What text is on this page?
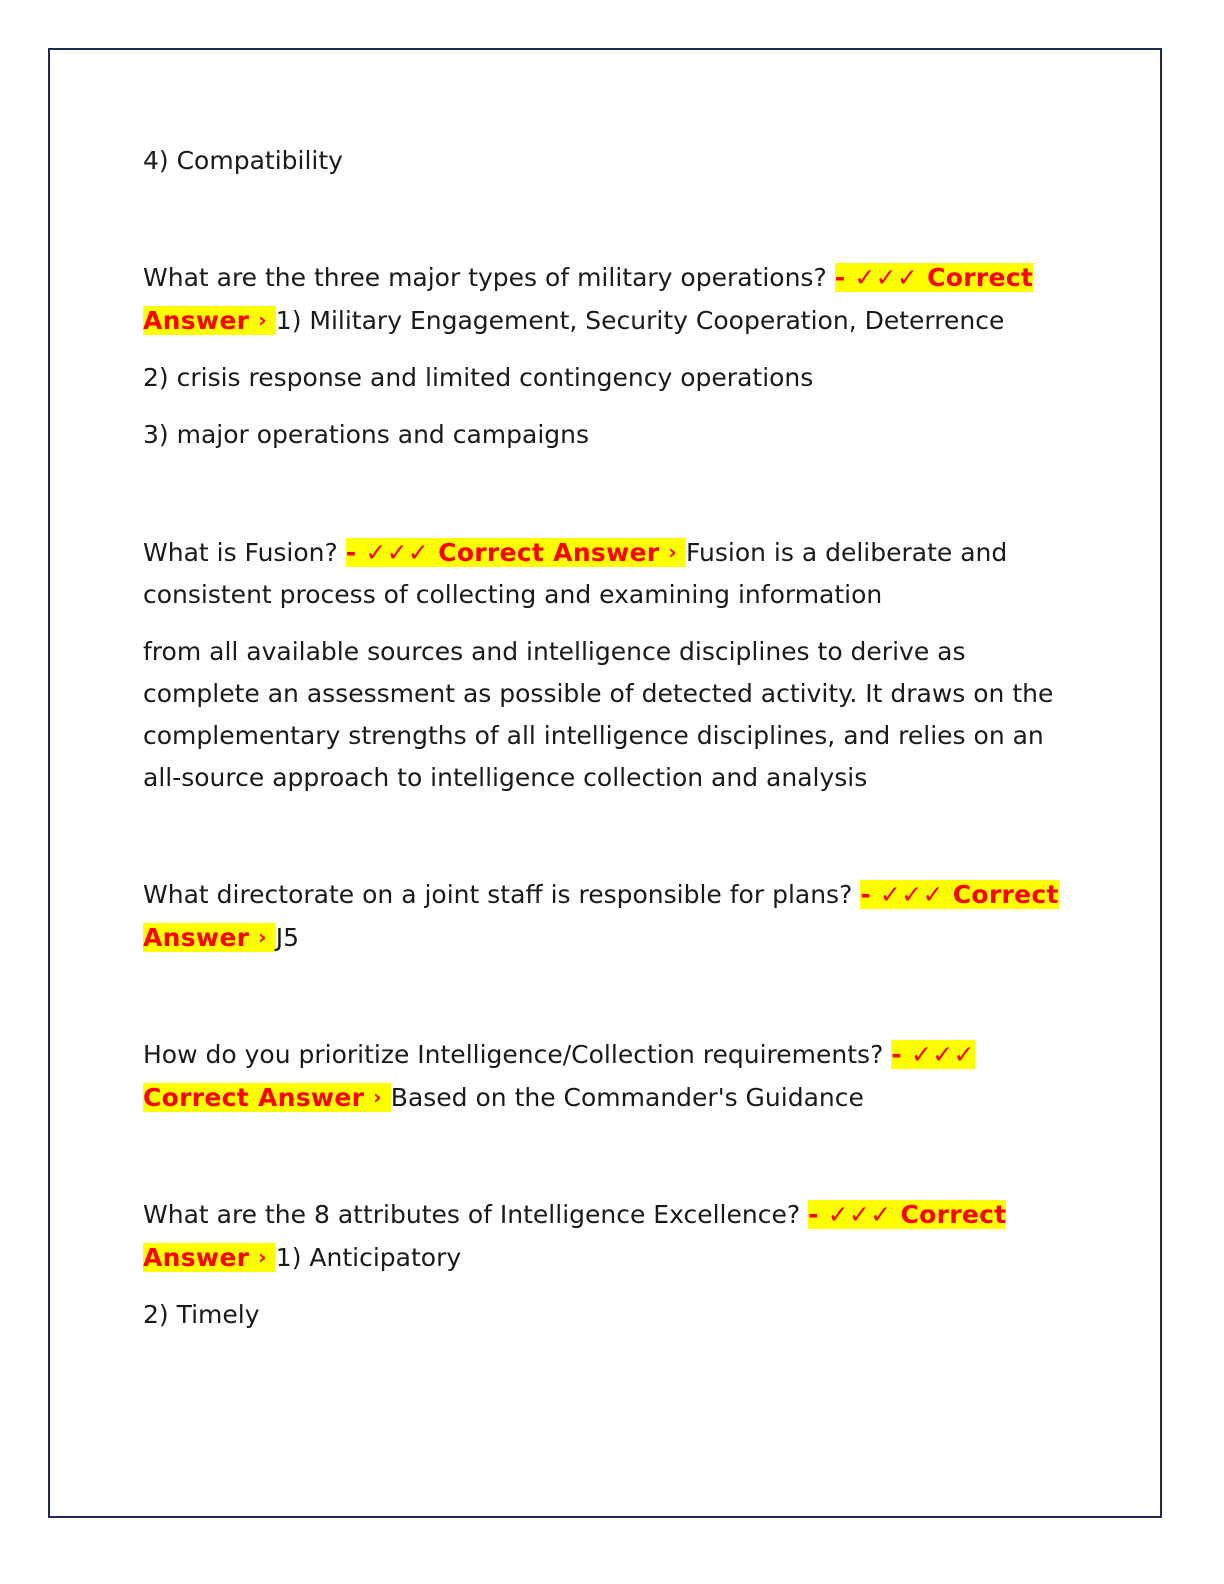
4) Compatibility

What are the three major types of military operations? - ✓✓✓ Correct Answer › 1) Military Engagement, Security Cooperation, Deterrence

2) crisis response and limited contingency operations

3) major operations and campaigns

What is Fusion? - ✓✓✓ Correct Answer › Fusion is a deliberate and consistent process of collecting and examining information

from all available sources and intelligence disciplines to derive as complete an assessment as possible of detected activity. It draws on the complementary strengths of all intelligence disciplines, and relies on an all-source approach to intelligence collection and analysis

What directorate on a joint staff is responsible for plans? - ✓✓✓ Correct Answer › J5

How do you prioritize Intelligence/Collection requirements? - ✓✓✓ Correct Answer › Based on the Commander's Guidance

What are the 8 attributes of Intelligence Excellence? - ✓✓✓ Correct Answer › 1) Anticipatory

2) Timely
